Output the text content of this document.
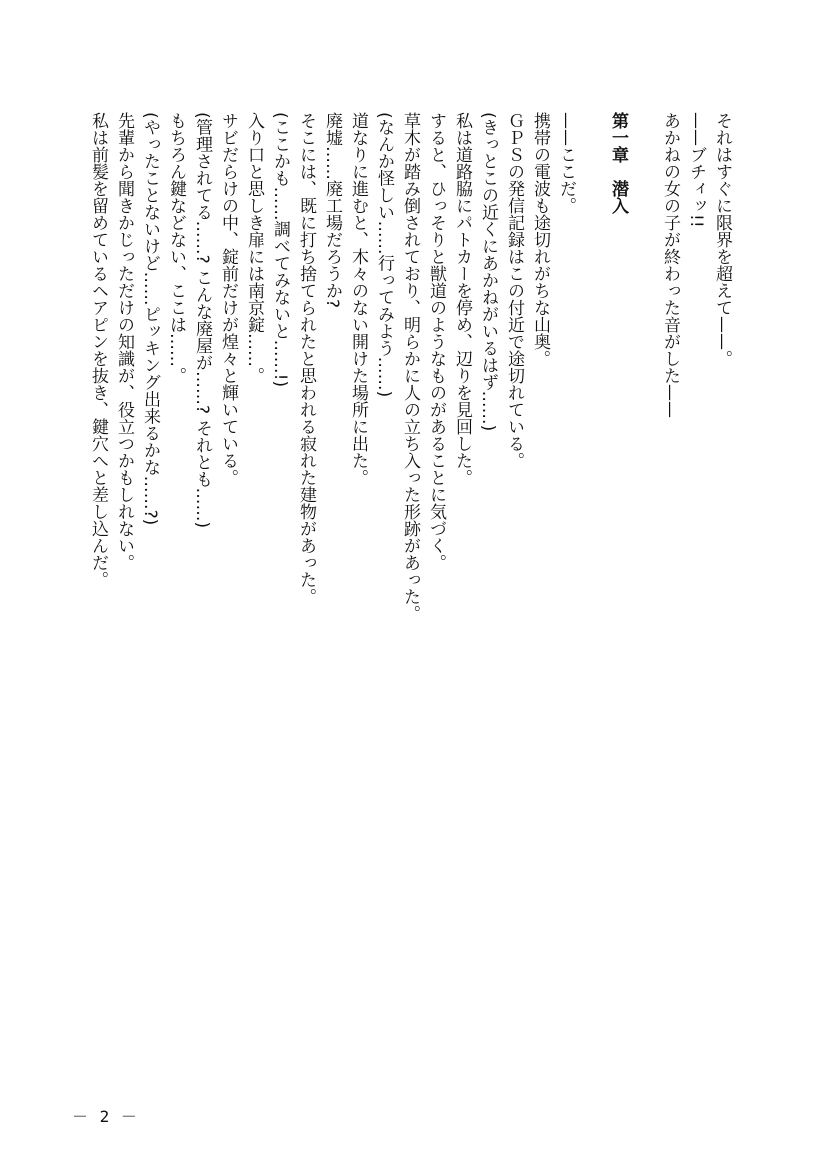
それはすぐに限界を超えて——。
——ブチィッ!!
あかねの女の子が終わった音がした——
第一章潜入
——ここだ。
携帯の電波も途切れがちな山奥。
ＧＰＳの発信記録はこの付近で途切れている。
(きっとこの近くにあかねがいるはず……)
私は道路脇にパトカーを停め、辺りを見回した。
すると、ひっそりと獣道のようなものがあることに気づく。
草木が踏み倒されており、明らかに人の立ち入った形跡があった。
(なんか怪しい……行ってみよう……)
道なりに進むと、木々のない開けた場所に出た。
廃墟……廃工場だろうか?
そこには、既に打ち捨てられたと思われる寂れた建物があった。
(ここかも……調べてみないと……!)
入り口と思しき扉には南京錠……。
サビだらけの中、錠前だけが煌々と輝いている。
(管理されてる……? こんな廃屋が……? それとも……)
もちろん鍵などない、ここは……。
(やったことないけど……ピッキング出来るかな……?)
先輩から聞きかじっただけの知識が、役立つかもしれない。
私は前髪を留めているヘアピンを抜き、鍵穴へと差し込んだ。
－ 2 －
